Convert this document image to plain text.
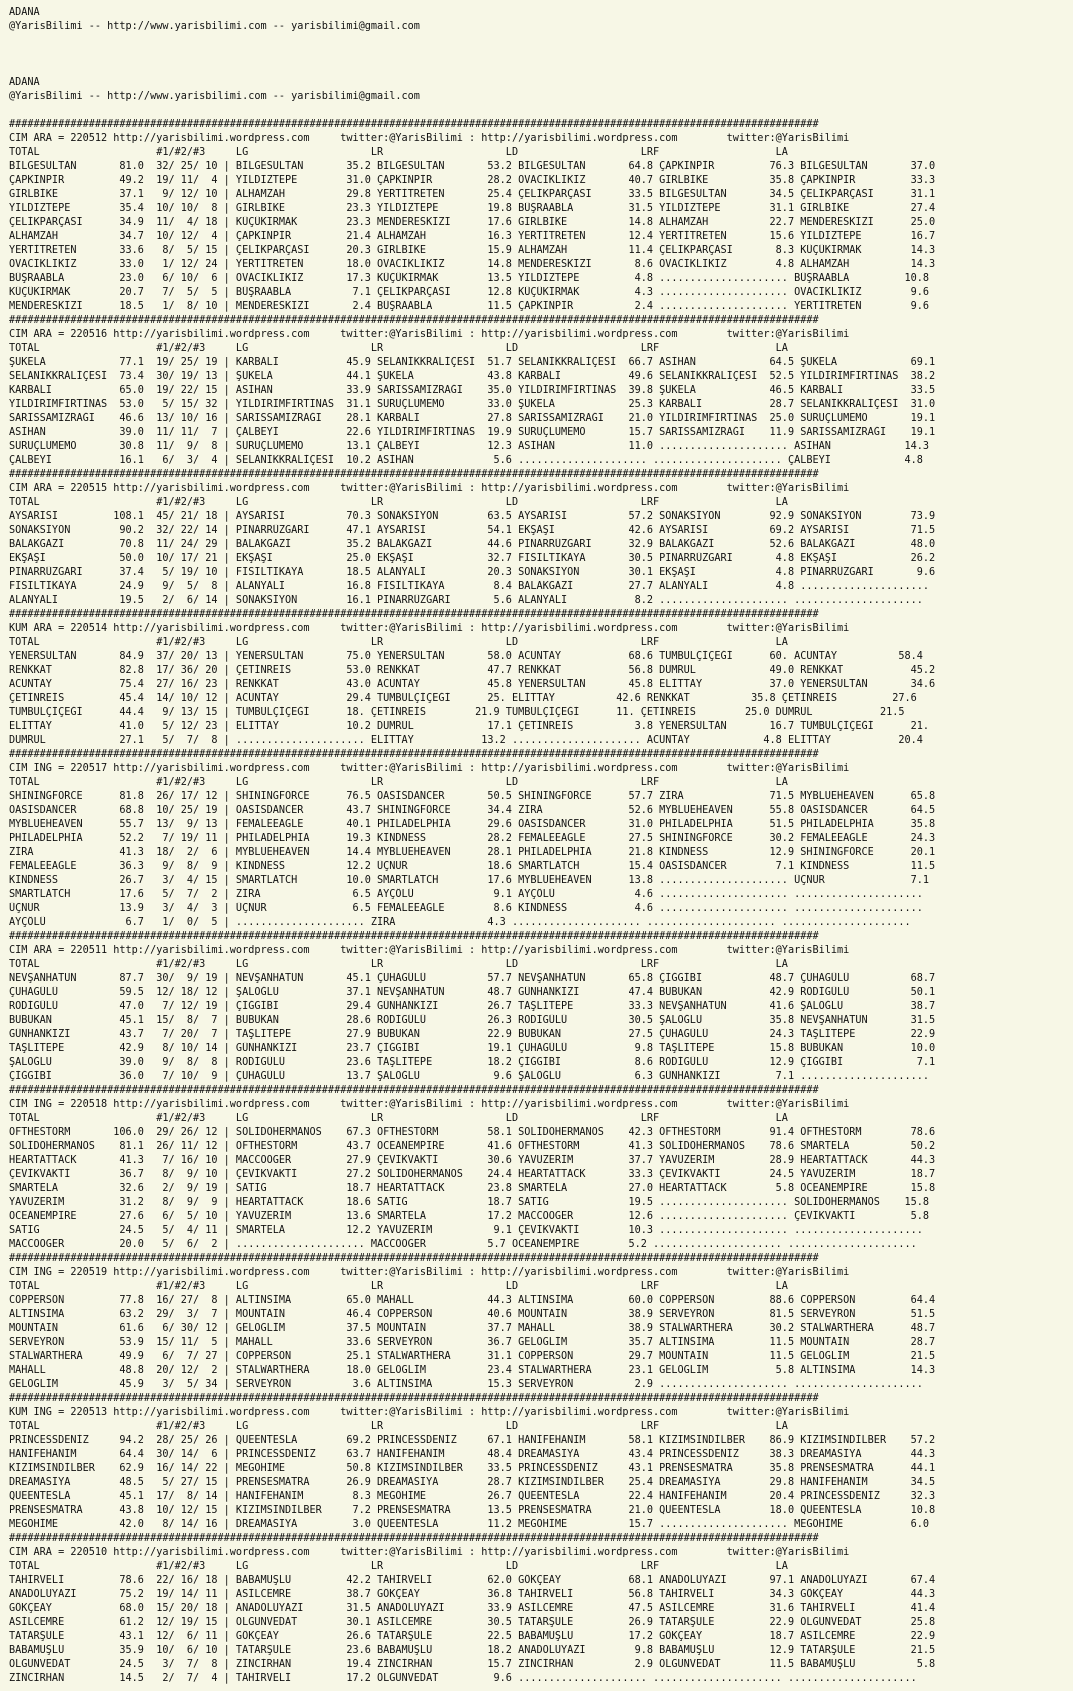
ADANA
@YarisBilimi -- http://www.yarisbilimi.com -- yarisbilimi@gmail.com
ADANA
@YarisBilimi -- http://www.yarisbilimi.com -- yarisbilimi@gmail.com
####################################################################################################################################
CIM ARA = 220512 http://yarisbilimi.wordpress.com     twitter:@YarisBilimi : http://yarisbilimi.wordpress.com        twitter:@YarisBilimi
TOTAL                   #1/#2/#3     LG                    LR                    LD                    LRF                   LA
BİLGESULTAN       81.0  32/ 25/ 10 | BİLGESULTAN       35.2 BİLGESULTAN       53.2 BİLGESULTAN       64.8 ÇAPKINPİR         76.3 BİLGESULTAN       37.0
ÇAPKINPİR         49.2  19/ 11/  4 | YILDIZTEPE        31.0 ÇAPKINPİR         28.2 OVACIKLIKIZ       40.7 GIRLBİKE          35.8 ÇAPKINPİR         33.3
GIRLBİKE          37.1   9/ 12/ 10 | ALHAMZAH          29.8 YERTİTRETEN       25.4 ÇELİKPARÇASI      33.5 BİLGESULTAN       34.5 ÇELİKPARÇASI      31.1
YILDIZTEPE        35.4  10/ 10/  8 | GIRLBİKE          23.3 YILDIZTEPE        19.8 BÜŞRAABLA         31.5 YILDIZTEPE        31.1 GIRLBİKE          27.4
ÇELİKPARÇASI      34.9  11/  4/ 18 | KÜÇÜKIRMAK        23.3 MENDERESKIZI      17.6 GIRLBİKE          14.8 ALHAMZAH          22.7 MENDERESKIZI      25.0
ALHAMZAH          34.7  10/ 12/  4 | ÇAPKINPİR         21.4 ALHAMZAH          16.3 YERTİTRETEN       12.4 YERTİTRETEN       15.6 YILDIZTEPE        16.7
YERTİTRETEN       33.6   8/  5/ 15 | ÇELİKPARÇASI      20.3 GIRLBİKE          15.9 ALHAMZAH          11.4 ÇELİKPARÇASI       8.3 KÜÇÜKIRMAK        14.3
OVACIKLIKIZ       33.0   1/ 12/ 24 | YERTİTRETEN       18.0 OVACIKLIKIZ       14.8 MENDERESKIZI       8.6 OVACIKLIKIZ        4.8 ALHAMZAH          14.3
BÜŞRAABLA         23.0   6/ 10/  6 | OVACIKLIKIZ       17.3 KÜÇÜKIRMAK        13.5 YILDIZTEPE         4.8 ..................... BÜŞRAABLA         10.8
KÜÇÜKIRMAK        20.7   7/  5/  5 | BÜŞRAABLA          7.1 ÇELİKPARÇASI      12.8 KÜÇÜKIRMAK         4.3 ..................... OVACIKLIKIZ        9.6
MENDERESKIZI      18.5   1/  8/ 10 | MENDERESKIZI       2.4 BÜŞRAABLA         11.5 ÇAPKINPİR          2.4 ..................... YERTİTRETEN        9.6
####################################################################################################################################
CIM ARA = 220516 http://yarisbilimi.wordpress.com     twitter:@YarisBilimi : http://yarisbilimi.wordpress.com        twitter:@YarisBilimi
TOTAL                   #1/#2/#3     LG                    LR                    LD                    LRF                   LA
ŞUKELA            77.1  19/ 25/ 19 | KARBALI           45.9 SELANİKKRALİÇESİ  51.7 SELANİKKRALİÇESİ  66.7 ASİHAN            64.5 ŞUKELA            69.1
SELANİKKRALİÇESİ  73.4  30/ 19/ 13 | ŞUKELA            44.1 ŞUKELA            43.8 KARBALI           49.6 SELANİKKRALİÇESİ  52.5 YILDIRIMFIRTINAS  38.2
KARBALI           65.0  19/ 22/ 15 | ASİHAN            33.9 SARISSAMIZRAĞI    35.0 YILDIRIMFIRTINAS  39.8 ŞUKELA            46.5 KARBALI           33.5
YILDIRIMFIRTINAS  53.0   5/ 15/ 32 | YILDIRIMFIRTINAS  31.1 SURUÇLUMEMO       33.0 ŞUKELA            25.3 KARBALI           28.7 SELANİKKRALİÇESİ  31.0
SARISSAMIZRAĞI    46.6  13/ 10/ 16 | SARISSAMIZRAĞI    28.1 KARBALI           27.8 SARISSAMIZRAĞI    21.0 YILDIRIMFIRTINAS  25.0 SURUÇLUMEMO       19.1
ASİHAN            39.0  11/ 11/  7 | ÇALBEYİ           22.6 YILDIRIMFIRTINAS  19.9 SURUÇLUMEMO       15.7 SARISSAMIZRAĞI    11.9 SARISSAMIZRAĞI    19.1
SURUÇLUMEMO       30.8  11/  9/  8 | SURUÇLUMEMO       13.1 ÇALBEYİ           12.3 ASİHAN            11.0 ..................... ASİHAN            14.3
ÇALBEYİ           16.1   6/  3/  4 | SELANİKKRALİÇESİ  10.2 ASİHAN             5.6 ..................... ..................... ÇALBEYİ            4.8
####################################################################################################################################
CIM ARA = 220515 http://yarisbilimi.wordpress.com     twitter:@YarisBilimi : http://yarisbilimi.wordpress.com        twitter:@YarisBilimi
TOTAL                   #1/#2/#3     LG                    LR                    LD                    LRF                   LA
AYSARISI         108.1  45/ 21/ 18 | AYSARISI          70.3 SONAKSİYON        63.5 AYSARISI          57.2 SONAKSİYON        92.9 SONAKSİYON        73.9
SONAKSİYON        90.2  32/ 22/ 14 | PINARRÜZGARI      47.1 AYSARISI          54.1 EKŞAŞI            42.6 AYSARISI          69.2 AYSARISI          71.5
BALAKGAZİ         70.8  11/ 24/ 29 | BALAKGAZİ         35.2 BALAKGAZİ         44.6 PINARRÜZGARI      32.9 BALAKGAZİ         52.6 BALAKGAZİ         48.0
EKŞAŞI            50.0  10/ 17/ 21 | EKŞAŞI            25.0 EKŞAŞI            32.7 FISILTIKAYA       30.5 PINARRÜZGARI       4.8 EKŞAŞI            26.2
PINARRÜZGARI      37.4   5/ 19/ 10 | FISILTIKAYA       18.5 ALANYALI          20.3 SONAKSİYON        30.1 EKŞAŞI             4.8 PINARRÜZGARI       9.6
FISILTIKAYA       24.9   9/  5/  8 | ALANYALI          16.8 FISILTIKAYA        8.4 BALAKGAZİ         27.7 ALANYALI           4.8 .....................
ALANYALI          19.5   2/  6/ 14 | SONAKSİYON        16.1 PINARRÜZGARI       5.6 ALANYALI           8.2 ..................... .....................
####################################################################################################################################
KUM ARA = 220514 http://yarisbilimi.wordpress.com     twitter:@YarisBilimi : http://yarisbilimi.wordpress.com        twitter:@YarisBilimi
TOTAL                   #1/#2/#3     LG                    LR                    LD                    LRF                   LA
YENERSULTAN       84.9  37/ 20/ 13 | YENERSULTAN       75.0 YENERSULTAN       58.0 ACUNTAY           68.6 TUMBULÇİÇEĞİ      60. ACUNTAY          58.4
RENKKAT           82.8  17/ 36/ 20 | ÇETİNREİS         53.0 RENKKAT           47.7 RENKKAT           56.8 DUMRUL            49.0 RENKKAT           45.2
ACUNTAY           75.4  27/ 16/ 23 | RENKKAT           43.0 ACUNTAY           45.8 YENERSULTAN       45.8 ELİTTAY           37.0 YENERSULTAN       34.6
ÇETİNREİS         45.4  14/ 10/ 12 | ACUNTAY           29.4 TUMBULÇİÇEĞİ      25. ELİTTAY          42.6 RENKKAT          35.8 ÇETİNREİS         27.6
TUMBULÇİÇEĞİ      44.4   9/ 13/ 15 | TUMBULÇİÇEĞİ      18. ÇETİNREİS        21.9 TUMBULÇİÇEĞİ      11. ÇETİNREİS        25.0 DUMRUL           21.5
ELİTTAY           41.0   5/ 12/ 23 | ELİTTAY           10.2 DUMRUL            17.1 ÇETİNREİS          3.8 YENERSULTAN       16.7 TUMBULÇİÇEĞİ      21.
DUMRUL            27.1   5/  7/  8 | ..................... ELİTTAY           13.2 ..................... ACUNTAY            4.8 ELİTTAY           20.4
####################################################################################################################################
CIM ING = 220517 http://yarisbilimi.wordpress.com     twitter:@YarisBilimi : http://yarisbilimi.wordpress.com        twitter:@YarisBilimi
TOTAL                   #1/#2/#3     LG                    LR                    LD                    LRF                   LA
SHININGFORCE      81.8  26/ 17/ 12 | SHININGFORCE      76.5 OASİSDANCER       50.5 SHININGFORCE      57.7 ZİRA              71.5 MYBLUEHEAVEN      65.8
OASİSDANCER       68.8  10/ 25/ 19 | OASİSDANCER       43.7 SHININGFORCE      34.4 ZİRA              52.6 MYBLUEHEAVEN      55.8 OASİSDANCER       64.5
MYBLUEHEAVEN      55.7  13/  9/ 13 | FEMALEEAGLE       40.1 PHILADELPHIA      29.6 OASİSDANCER       31.0 PHILADELPHIA      51.5 PHILADELPHIA      35.8
PHILADELPHIA      52.2   7/ 19/ 11 | PHILADELPHIA      19.3 KINDNESS          28.2 FEMALEEAGLE       27.5 SHININGFORCE      30.2 FEMALEEAGLE       24.3
ZİRA              41.3  18/  2/  6 | MYBLUEHEAVEN      14.4 MYBLUEHEAVEN      28.1 PHILADELPHIA      21.8 KINDNESS          12.9 SHININGFORCE      20.1
FEMALEEAGLE       36.3   9/  8/  9 | KINDNESS          12.2 ÜÇNUR             18.6 SMARTLATCH        15.4 OASİSDANCER        7.1 KINDNESS          11.5
KINDNESS          26.7   3/  4/ 15 | SMARTLATCH        10.0 SMARTLATCH        17.6 MYBLUEHEAVEN      13.8 ..................... ÜÇNUR              7.1
SMARTLATCH        17.6   5/  7/  2 | ZİRA               6.5 AYÇÖLÜ             9.1 AYÇÖLÜ             4.6 ..................... .....................
ÜÇNUR             13.9   3/  4/  3 | ÜÇNUR              6.5 FEMALEEAGLE        8.6 KINDNESS           4.6 ..................... .....................
AYÇÖLÜ             6.7   1/  0/  5 | ..................... ZİRA               4.3 ..................... ..................... .....................
####################################################################################################################################
CIM ARA = 220511 http://yarisbilimi.wordpress.com     twitter:@YarisBilimi : http://yarisbilimi.wordpress.com        twitter:@YarisBilimi
TOTAL                   #1/#2/#3     LG                    LR                    LD                    LRF                   LA
NEVŞANHATUN       87.7  30/  9/ 19 | NEVŞANHATUN       45.1 ÇUHAGÜLÜ          57.7 NEVŞANHATUN       65.8 ÇİĞGİBİ           48.7 ÇUHAGÜLÜ          68.7
ÇUHAGÜLÜ          59.5  12/ 18/ 12 | ŞALOĞLU           37.1 NEVŞANHATUN       48.7 GÜNHANKIZI        47.4 BUBUKAN           42.9 RODİGÜLÜ          50.1
RODİGÜLÜ          47.0   7/ 12/ 19 | ÇİĞGİBİ           29.4 GÜNHANKIZI        26.7 TAŞLITEPE         33.3 NEVŞANHATUN       41.6 ŞALOĞLU           38.7
BUBUKAN           45.1  15/  8/  7 | BUBUKAN           28.6 RODİGÜLÜ          26.3 RODİGÜLÜ          30.5 ŞALOĞLU           35.8 NEVŞANHATUN       31.5
GÜNHANKIZI        43.7   7/ 20/  7 | TAŞLITEPE         27.9 BUBUKAN           22.9 BUBUKAN           27.5 ÇUHAGÜLÜ          24.3 TAŞLITEPE         22.9
TAŞLITEPE         42.9   8/ 10/ 14 | GÜNHANKIZI        23.7 ÇİĞGİBİ           19.1 ÇUHAGÜLÜ           9.8 TAŞLITEPE         15.8 BUBUKAN           10.0
ŞALOĞLU           39.0   9/  8/  8 | RODİGÜLÜ          23.6 TAŞLITEPE         18.2 ÇİĞGİBİ            8.6 RODİGÜLÜ          12.9 ÇİĞGİBİ            7.1
ÇİĞGİBİ           36.0   7/ 10/  9 | ÇUHAGÜLÜ          13.7 ŞALOĞLU            9.6 ŞALOĞLU            6.3 GÜNHANKIZI         7.1 .....................
####################################################################################################################################
CIM ING = 220518 http://yarisbilimi.wordpress.com     twitter:@YarisBilimi : http://yarisbilimi.wordpress.com        twitter:@YarisBilimi
TOTAL                   #1/#2/#3     LG                    LR                    LD                    LRF                   LA
OFTHESTORM       106.0  29/ 26/ 12 | SOLİDOHERMANOS    67.3 OFTHESTORM        58.1 SOLİDOHERMANOS    42.3 OFTHESTORM        91.4 OFTHESTORM        78.6
SOLİDOHERMANOS    81.1  26/ 11/ 12 | OFTHESTORM        43.7 OCEANEMPIRE       41.6 OFTHESTORM        41.3 SOLİDOHERMANOS    78.6 SMARTELA          50.2
HEARTATTACK       41.3   7/ 16/ 10 | MACCOOGER         27.9 ÇEVİKVAKTİ        30.6 YAVUZERİM         37.7 YAVUZERİM         28.9 HEARTATTACK       44.3
ÇEVİKVAKTİ        36.7   8/  9/ 10 | ÇEVİKVAKTİ        27.2 SOLİDOHERMANOS    24.4 HEARTATTACK       33.3 ÇEVİKVAKTİ        24.5 YAVUZERİM         18.7
SMARTELA          32.6   2/  9/ 19 | SATIG             18.7 HEARTATTACK       23.8 SMARTELA          27.0 HEARTATTACK        5.8 OCEANEMPIRE       15.8
YAVUZERİM         31.2   8/  9/  9 | HEARTATTACK       18.6 SATIG             18.7 SATIG             19.5 ..................... SOLİDOHERMANOS    15.8
OCEANEMPIRE       27.6   6/  5/ 10 | YAVUZERİM         13.6 SMARTELA          17.2 MACCOOGER         12.6 ..................... ÇEVİKVAKTİ         5.8
SATIG             24.5   5/  4/ 11 | SMARTELA          12.2 YAVUZERİM          9.1 ÇEVİKVAKTİ        10.3 ..................... .....................
MACCOOGER         20.0   5/  6/  2 | ..................... MACCOOGER          5.7 OCEANEMPIRE        5.2 ..................... .....................
####################################################################################################################################
CIM ING = 220519 http://yarisbilimi.wordpress.com     twitter:@YarisBilimi : http://yarisbilimi.wordpress.com        twitter:@YarisBilimi
TOTAL                   #1/#2/#3     LG                    LR                    LD                    LRF                   LA
COPPERSON         77.8  16/ 27/  8 | ALTINSİMA         65.0 MAHALL            44.3 ALTINSİMA         60.0 COPPERSON         88.6 COPPERSON         64.4
ALTINSİMA         63.2  29/  3/  7 | MOUNTAIN          46.4 COPPERSON         40.6 MOUNTAIN          38.9 SERVEYRON         81.5 SERVEYRON         51.5
MOUNTAIN          61.6   6/ 30/ 12 | GELOGLİM          37.5 MOUNTAIN          37.7 MAHALL            38.9 STALWARTHERA      30.2 STALWARTHERA      48.7
SERVEYRON         53.9  15/ 11/  5 | MAHALL            33.6 SERVEYRON         36.7 GELOGLİM          35.7 ALTINSİMA         11.5 MOUNTAIN          28.7
STALWARTHERA      49.9   6/  7/ 27 | COPPERSON         25.1 STALWARTHERA      31.1 COPPERSON         29.7 MOUNTAIN          11.5 GELOGLİM          21.5
MAHALL            48.8  20/ 12/  2 | STALWARTHERA      18.0 GELOGLİM          23.4 STALWARTHERA      23.1 GELOGLİM           5.8 ALTINSİMA         14.3
GELOGLİM          45.9   3/  5/ 34 | SERVEYRON          3.6 ALTINSİMA         15.3 SERVEYRON          2.9 ..................... .....................
####################################################################################################################################
KUM ING = 220513 http://yarisbilimi.wordpress.com     twitter:@YarisBilimi : http://yarisbilimi.wordpress.com        twitter:@YarisBilimi
TOTAL                   #1/#2/#3     LG                    LR                    LD                    LRF                   LA
PRINCESSDENİZ     94.2  28/ 25/ 26 | QUEENTESLA        69.2 PRINCESSDENİZ     67.1 HANİFEHANIM       58.1 KIZIMSINDİLBER    86.9 KIZIMSINDİLBER    57.2
HANİFEHANIM       64.4  30/ 14/  6 | PRINCESSDENİZ     63.7 HANİFEHANIM       48.4 DREAMASIYA        43.4 PRINCESSDENİZ     38.3 DREAMASIYA        44.3
KIZIMSINDİLBER    62.9  16/ 14/ 22 | MEGOHİME          50.8 KIZIMSINDİLBER    33.5 PRINCESSDENİZ     43.1 PRENSESMATRA      35.8 PRENSESMATRA      44.1
DREAMASIYA        48.5   5/ 27/ 15 | PRENSESMATRA      26.9 DREAMASIYA        28.7 KIZIMSINDİLBER    25.4 DREAMASIYA        29.8 HANİFEHANIM       34.5
QUEENTESLA        45.1  17/  8/ 14 | HANİFEHANIM        8.3 MEGOHİME          26.7 QUEENTESLA        22.4 HANİFEHANIM       20.4 PRINCESSDENİZ     32.3
PRENSESMATRA      43.8  10/ 12/ 15 | KIZIMSINDİLBER     7.2 PRENSESMATRA      13.5 PRENSESMATRA      21.0 QUEENTESLA        18.0 QUEENTESLA        10.8
MEGOHİME          42.0   8/ 14/ 16 | DREAMASIYA         3.0 QUEENTESLA        11.2 MEGOHİME          15.7 ..................... MEGOHİME           6.0
####################################################################################################################################
CIM ARA = 220510 http://yarisbilimi.wordpress.com     twitter:@YarisBilimi : http://yarisbilimi.wordpress.com        twitter:@YarisBilimi
TOTAL                   #1/#2/#3     LG                    LR                    LD                    LRF                   LA
TAHİRVELİ         78.6  22/ 16/ 18 | BABAMUŞLU         42.2 TAHİRVELİ         62.0 GÖKÇEAY           68.1 ANADOLUYAZI       97.1 ANADOLUYAZI       67.4
ANADOLUYAZI       75.2  19/ 14/ 11 | ASİLCEMRE         38.7 GÖKÇEAY           36.8 TAHİRVELİ         56.8 TAHİRVELİ         34.3 GÖKÇEAY           44.3
GÖKÇEAY           68.0  15/ 20/ 18 | ANADOLUYAZI       31.5 ANADOLUYAZI       33.9 ASİLCEMRE         47.5 ASİLCEMRE         31.6 TAHİRVELİ         41.4
ASİLCEMRE         61.2  12/ 19/ 15 | OLGUNVEDAT        30.1 ASİLCEMRE         30.5 TATARŞULE         26.9 TATARŞULE         22.9 OLGUNVEDAT        25.8
TATARŞULE         43.1  12/  6/ 11 | GÖKÇEAY           26.6 TATARŞULE         22.5 BABAMUŞLU         17.2 GÖKÇEAY           18.7 ASİLCEMRE         22.9
BABAMUŞLU         35.9  10/  6/ 10 | TATARŞULE         23.6 BABAMUŞLU         18.2 ANADOLUYAZI        9.8 BABAMUŞLU         12.9 TATARŞULE         21.5
OLGUNVEDAT        24.5   3/  7/  8 | ZİNCİRHAN         19.4 ZİNCİRHAN         15.7 ZİNCİRHAN          2.9 OLGUNVEDAT        11.5 BABAMUŞLU          5.8
ZİNCİRHAN         14.5   2/  7/  4 | TAHİRVELİ         17.2 OLGUNVEDAT         9.6 ..................... ..................... .....................
